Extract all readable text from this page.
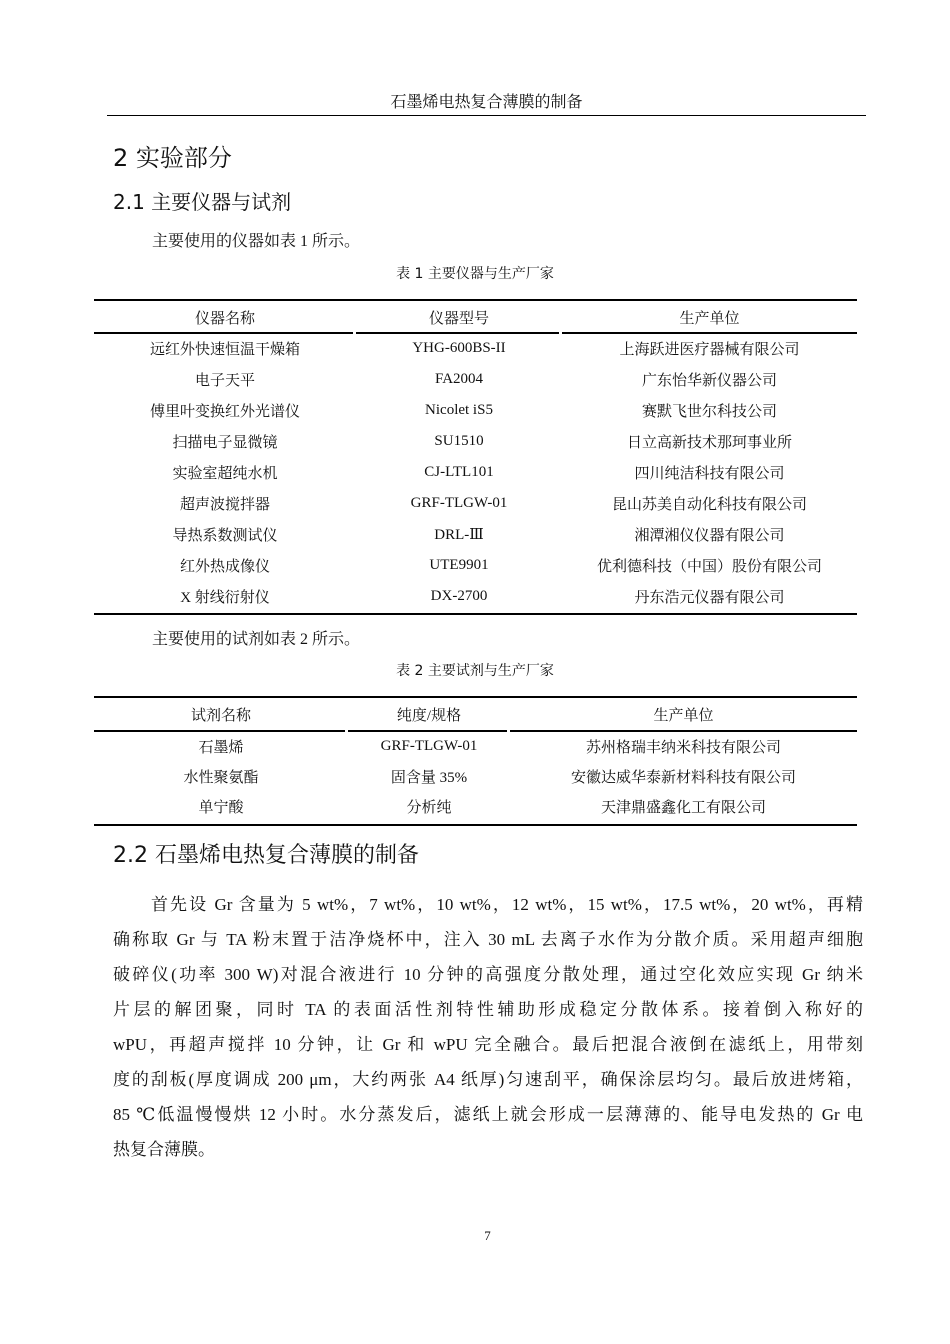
石墨烯电热复合薄膜的制备
2 实验部分
2.1 主要仪器与试剂
主要使用的仪器如表 1 所示。
表 1 主要仪器与生产厂家
仪器名称	仪器型号	生产单位

远红外快速恒温干燥箱	YHG-600BS-II	上海跃进医疗器械有限公司
电子天平	FA2004	广东怡华新仪器公司
傅里叶变换红外光谱仪	Nicolet iS5	赛默飞世尔科技公司
扫描电子显微镜	SU1510	日立高新技术那珂事业所
实验室超纯水机	CJ-LTL101	四川纯洁科技有限公司
超声波搅拌器	GRF-TLGW-01	昆山苏美自动化科技有限公司
导热系数测试仪	DRL-Ⅲ	湘潭湘仪仪器有限公司
红外热成像仪	UTE9901	优利德科技（中国）股份有限公司
X 射线衍射仪	DX-2700	丹东浩元仪器有限公司
主要使用的试剂如表 2 所示。
表 2 主要试剂与生产厂家
试剂名称	纯度/规格	生产单位
石墨烯	GRF-TLGW-01	苏州格瑞丰纳米科技有限公司
水性聚氨酯	固含量 35%	安徽达威华泰新材料科技有限公司
单宁酸	分析纯	天津鼎盛鑫化工有限公司
2.2 石墨烯电热复合薄膜的制备
首先设 Gr 含量为 5 wt%，7 wt%，10 wt%，12 wt%，15 wt%，17.5 wt%，20 wt%，再精
确称取 Gr 与 TA 粉末置于洁净烧杯中，注入 30 mL 去离子水作为分散介质。采用超声细胞
破碎仪(功率 300 W)对混合液进行 10 分钟的高强度分散处理，通过空化效应实现 Gr 纳米
片层的解团聚，同时 TA 的表面活性剂特性辅助形成稳定分散体系。接着倒入称好的
wPU，再超声搅拌 10 分钟，让 Gr 和 wPU 完全融合。最后把混合液倒在滤纸上，用带刻
度的刮板(厚度调成 200 μm，大约两张 A4 纸厚)匀速刮平，确保涂层均匀。最后放进烤箱，
85 ℃低温慢慢烘 12 小时。水分蒸发后，滤纸上就会形成一层薄薄的、能导电发热的 Gr 电
热复合薄膜。
7
